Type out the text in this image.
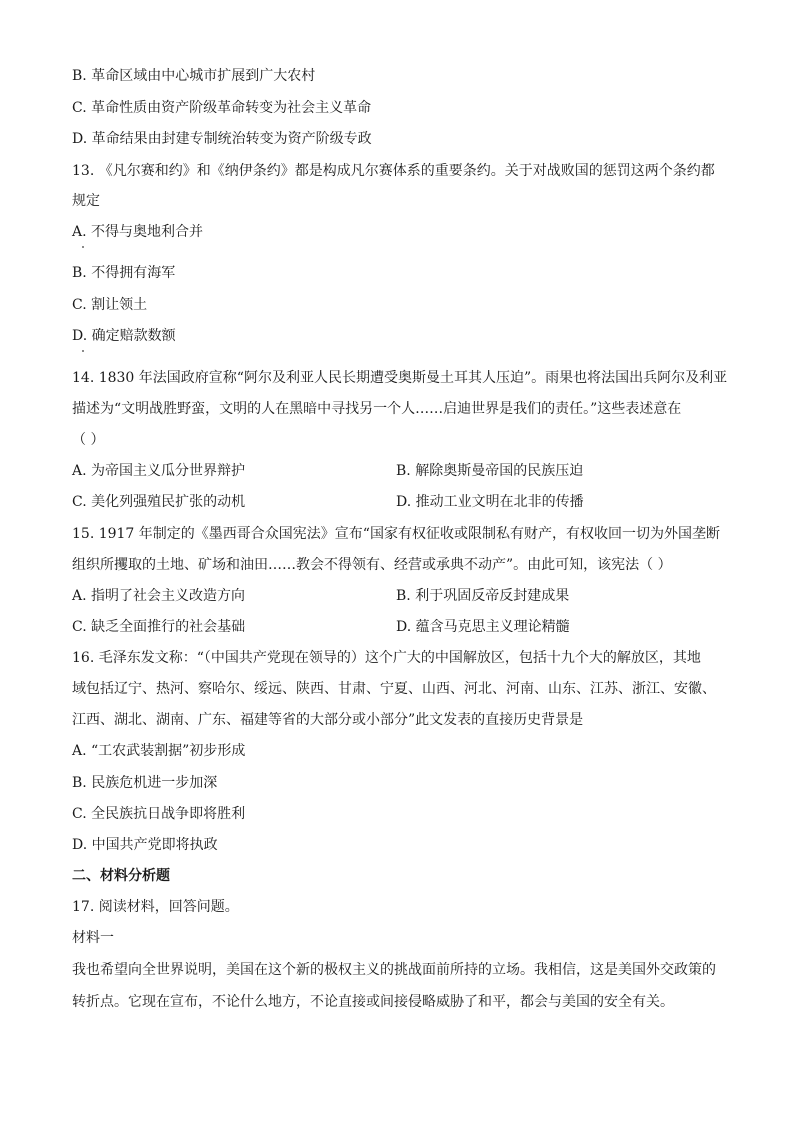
B. 革命区域由中心城市扩展到广大农村
C. 革命性质由资产阶级革命转变为社会主义革命
D. 革命结果由封建专制统治转变为资产阶级专政
13. 《凡尔赛和约》和《纳伊条约》都是构成凡尔赛体系的重要条约。关于对战败国的惩罚这两个条约都
规定
A. 不得与奥地利合并
B. 不得拥有海军
C. 割让领土
D. 确定赔款数额
14. 1830 年法国政府宣称“阿尔及利亚人民长期遭受奥斯曼土耳其人压迫”。雨果也将法国出兵阿尔及利亚
描述为“文明战胜野蛮，文明的人在黑暗中寻找另一个人……启迪世界是我们的责任。”这些表述意在
（ ）
A. 为帝国主义瓜分世界辩护	B. 解除奥斯曼帝国的民族压迫
C. 美化列强殖民扩张的动机	D. 推动工业文明在北非的传播
15. 1917 年制定的《墨西哥合众国宪法》宣布“国家有权征收或限制私有财产，有权收回一切为外国垄断
组织所攫取的土地、矿场和油田……教会不得领有、经营或承典不动产”。由此可知，该宪法（ ）
A. 指明了社会主义改造方向	B. 利于巩固反帝反封建成果
C. 缺乏全面推行的社会基础	D. 蕴含马克思主义理论精髓
16. 毛泽东发文称：“（中国共产党现在领导的）这个广大的中国解放区，包括十九个大的解放区，其地
域包括辽宁、热河、察哈尔、绥远、陕西、甘肃、宁夏、山西、河北、河南、山东、江苏、浙江、安徽、
江西、湖北、湖南、广东、福建等省的大部分或小部分”此文发表的直接历史背景是
A. “工农武装割据”初步形成
B. 民族危机进一步加深
C. 全民族抗日战争即将胜利
D. 中国共产党即将执政
二、材料分析题
17. 阅读材料，回答问题。
材料一
我也希望向全世界说明，美国在这个新的极权主义的挑战面前所持的立场。我相信，这是美国外交政策的
转折点。它现在宣布，不论什么地方，不论直接或间接侵略威胁了和平，都会与美国的安全有关。
